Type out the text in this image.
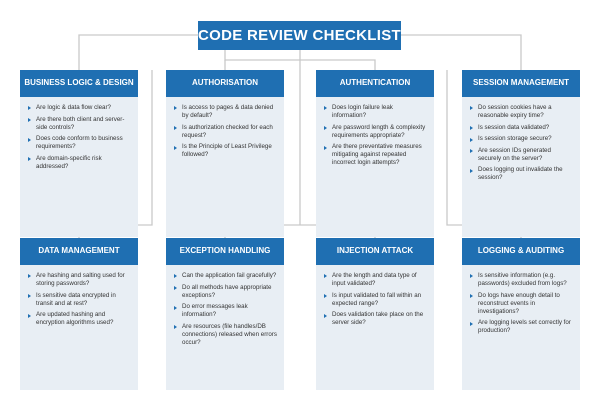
CODE REVIEW CHECKLIST
BUSINESS LOGIC & DESIGN
Are logic & data flow clear?
Are there both client and server-side controls?
Does code conform to business requirements?
Are domain-specific risk addressed?
AUTHORISATION
Is access to pages & data denied by default?
Is authorization checked for each request?
Is the Principle of Least Privilege followed?
AUTHENTICATION
Does login failure leak information?
Are password length & complexity requirements appropriate?
Are there preventative measures mitigating against repeated incorrect login attempts?
SESSION MANAGEMENT
Do session cookies have a reasonable expiry time?
Is session data validated?
Is session storage secure?
Are session IDs generated securely on the server?
Does logging out invalidate the session?
DATA MANAGEMENT
Are hashing and salting used for storing passwords?
Is sensitive data encrypted in transit and at rest?
Are updated hashing and encryption algorithms used?
EXCEPTION HANDLING
Can the application fail gracefully?
Do all methods have appropriate exceptions?
Do error messages leak information?
Are resources (file handles/DB connections) released when errors occur?
INJECTION ATTACK
Are the length and data type of input validated?
Is input validated to fall within an expected range?
Does validation take place on the server side?
LOGGING & AUDITING
Is sensitive information (e.g. passwords) excluded from logs?
Do logs have enough detail to reconstruct events in investigations?
Are logging levels set correctly for production?
